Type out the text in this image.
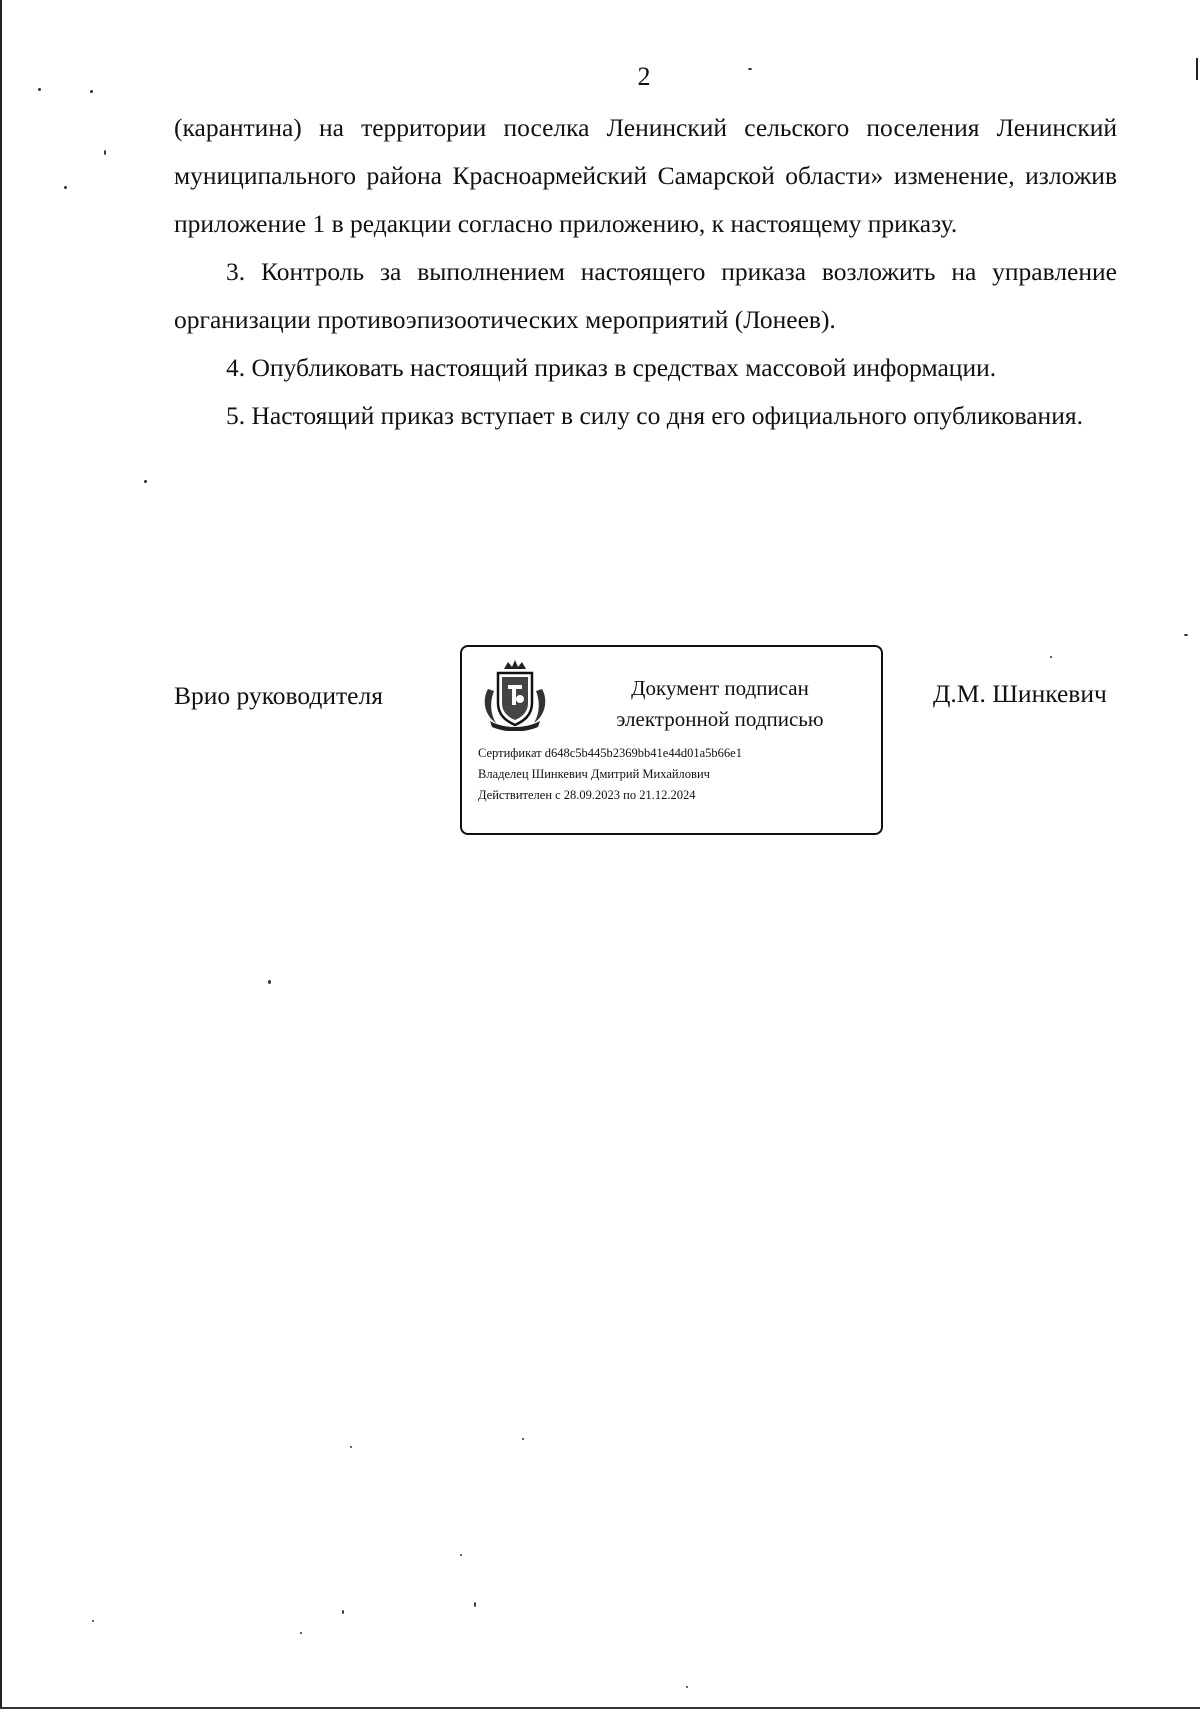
2

(карантина) на территории поселка Ленинский сельского поселения Ленинский муниципального района Красноармейский Самарской области» изменение, изложив приложение 1 в редакции согласно приложению, к настоящему приказу.

3. Контроль за выполнением настоящего приказа возложить на управление организации противоэпизоотических мероприятий (Лонеев).

4. Опубликовать настоящий приказ в средствах массовой информации.

5. Настоящий приказ вступает в силу со дня его официального опубликования.

Врио руководителя	Документ подписан
электронной подписью
Сертификат d648c5b445b2369bb41e44d01a5b66e1
Владелец Шинкевич Дмитрий Михайлович
Действителен с 28.09.2023 по 21.12.2024
Д.М. Шинкевич
